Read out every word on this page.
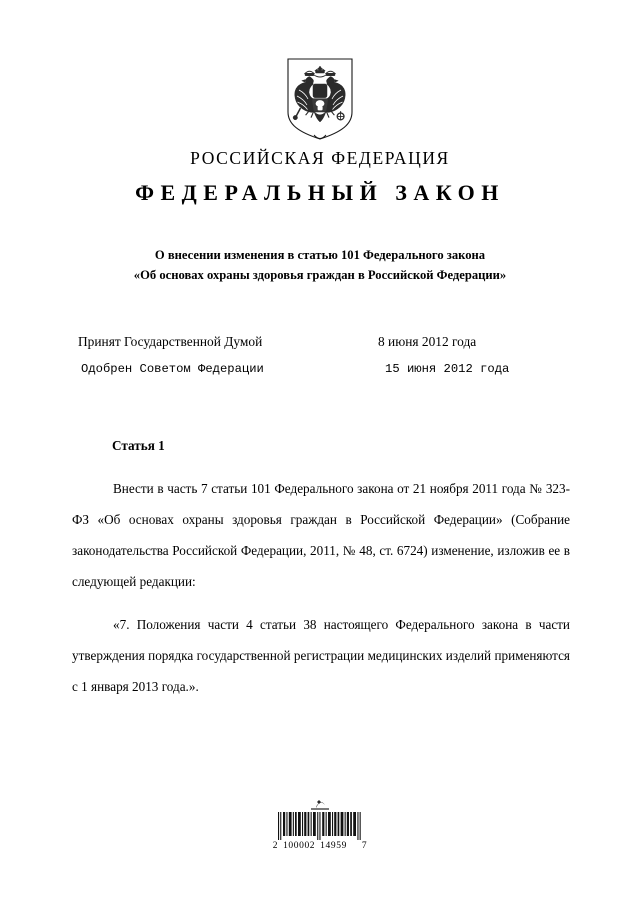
РОССИЙСКАЯ ФЕДЕРАЦИЯ
ФЕДЕРАЛЬНЫЙ ЗАКОН
О внесении изменения в статью 101 Федерального закона
«Об основах охраны здоровья граждан в Российской Федерации»
Принят Государственной Думой	8 июня 2012 года
Одобрен Советом Федерации	15 июня 2012 года
Статья 1

Внести в часть 7 статьи 101 Федерального закона от 21 ноября 2011 года № 323-ФЗ «Об основах охраны здоровья граждан в Российской Федерации» (Собрание законодательства Российской Федерации, 2011, № 48, ст. 6724) изменение, изложив ее в следующей редакции:

«7. Положения части 4 статьи 38 настоящего Федерального закона в части утверждения порядка государственной регистрации медицинских изделий применяются с 1 января 2013 года.».

2 100002 14959 7
